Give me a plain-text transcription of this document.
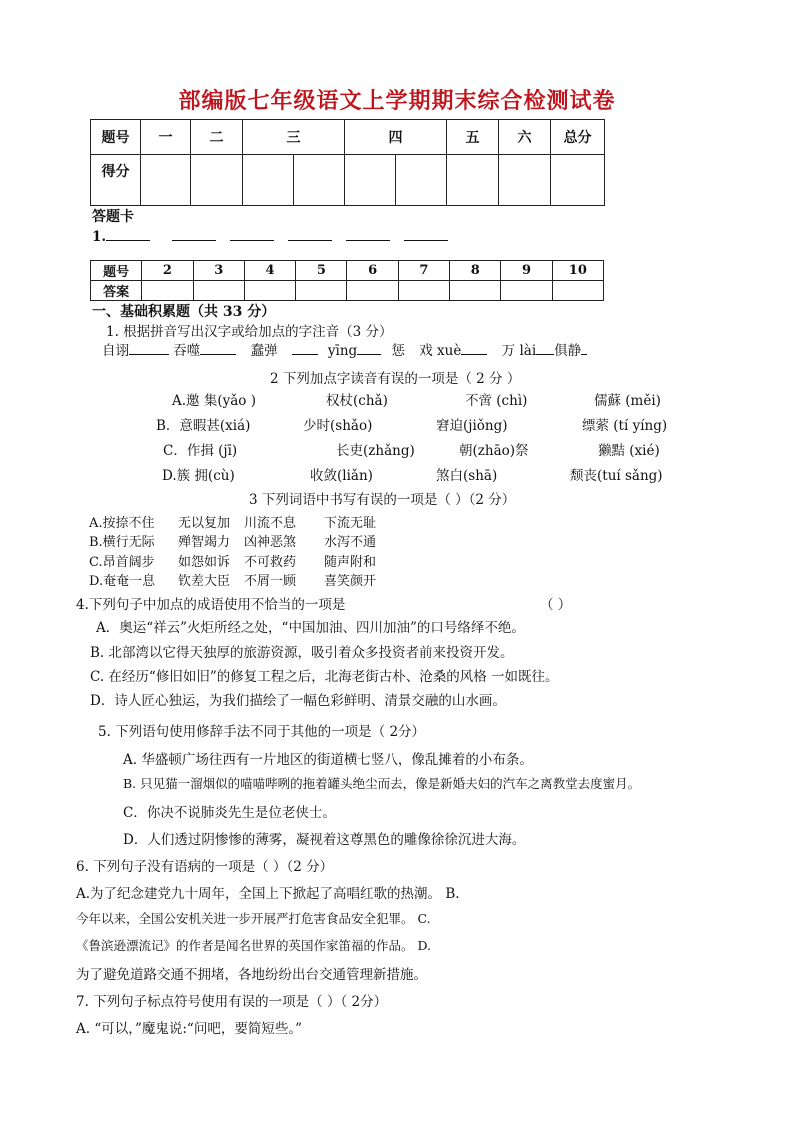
部编版七年级语文上学期期末综合检测试卷
题号	一	二	三		四		五	六	总分
得分									
答题卡
1.
题号	2	3	4	5	6	7	8	9	10
答案									
一、基础积累题（共 33 分）
1. 根据拼音写出汉字或给加点的字注音（3 分）
自诩	吞噬	蠢弹	yīng	惩 戏 xuè	万 lài 俱静
2 下列加点字读音有误的一项是（ 2 分 ）
A.邀 集(yǎo )	权杖(chǎ)	不啻 (chì)	儒蘇 (měi)
B．意暇甚(xiá)	少时(shǎo)	窘迫(jiǒng)	缥萦 (tí yíng)
C．作揖 (jī)	长吏(zhǎng)	朝(zhāo)祭	獭黠 (xié)
D.簇 拥(cù)	收敛(liǎn)	煞白(shā)	颓丧(tuí sǎng)
3 下列词语中书写有误的一项是（ ）（2 分）
A.按捺不住 无以复加 川流不息 下流无耻
B.横行无际 殚智竭力 凶神恶煞 水泻不通
C.昂首阔步 如怨如诉 不可救药 随声附和
D.奄奄一息 钦差大臣 不屑一顾 喜笑颜开
4.下列句子中加点的成语使用不恰当的一项是	（ ）
A．奥运“祥云”火炬所经之处，“中国加油、四川加油”的口号络绎不绝。
B. 北部湾以它得天独厚的旅游资源，吸引着众多投资者前来投资开发。
C. 在经历“修旧如旧”的修复工程之后，北海老街古朴、沧桑的风格 一如既往。
D．诗人匠心独运，为我们描绘了一幅色彩鲜明、清景交融的山水画。
5. 下列语句使用修辞手法不同于其他的一项是（ 2分）
A. 华盛顿广场往西有一片地区的街道横七竖八，像乱摊着的小布条。
B. 只见猫一溜烟似的喵喵哔咧的拖着罐头绝尘而去，像是新婚夫妇的汽车之离教堂去度蜜月。
C．你决不说肺炎先生是位老侠士。
D．人们透过阴惨惨的薄雾，凝视着这尊黑色的雕像徐徐沉进大海。
6. 下列句子没有语病的一项是（ ）（2 分）
A.为了纪念建党九十周年，全国上下掀起了高唱红歌的热潮。 B.
今年以来，全国公安机关进一步开展严打危害食品安全犯罪。 C.
《鲁滨逊漂流记》的作者是闻名世界的英国作家笛福的作品。 D.
为了避免道路交通不拥堵，各地纷纷出台交通管理新措施。
7. 下列句子标点符号使用有误的一项是（ ）（ 2分）
A. “可以，”魔鬼说:“问吧，要简短些。”
